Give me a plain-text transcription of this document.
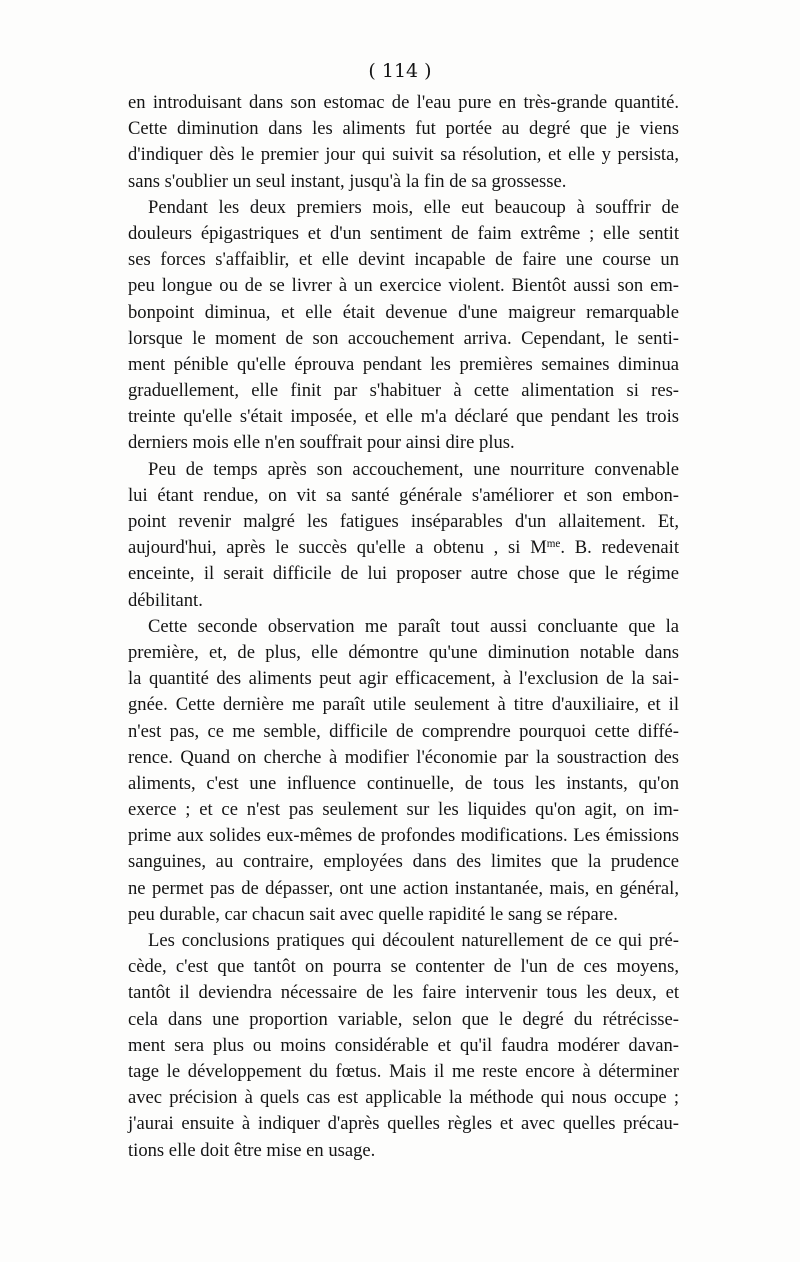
( 114 )
en introduisant dans son estomac de l'eau pure en très-grande quantité.
Cette diminution dans les aliments fut portée au degré que je viens
d'indiquer dès le premier jour qui suivit sa résolution, et elle y persista,
sans s'oublier un seul instant, jusqu'à la fin de sa grossesse.
Pendant les deux premiers mois, elle eut beaucoup à souffrir de
douleurs épigastriques et d'un sentiment de faim extrême ; elle sentit
ses forces s'affaiblir, et elle devint incapable de faire une course un
peu longue ou de se livrer à un exercice violent. Bientôt aussi son em-
bonpoint diminua, et elle était devenue d'une maigreur remarquable
lorsque le moment de son accouchement arriva. Cependant, le senti-
ment pénible qu'elle éprouva pendant les premières semaines diminua
graduellement, elle finit par s'habituer à cette alimentation si res-
treinte qu'elle s'était imposée, et elle m'a déclaré que pendant les trois
derniers mois elle n'en souffrait pour ainsi dire plus.
Peu de temps après son accouchement, une nourriture convenable
lui étant rendue, on vit sa santé générale s'améliorer et son embon-
point revenir malgré les fatigues inséparables d'un allaitement. Et,
aujourd'hui, après le succès qu'elle a obtenu , si $M^{me}$. B. redevenait
enceinte, il serait difficile de lui proposer autre chose que le régime
débilitant.
Cette seconde observation me paraît tout aussi concluante que la
première, et, de plus, elle démontre qu'une diminution notable dans
la quantité des aliments peut agir efficacement, à l'exclusion de la sai-
gnée. Cette dernière me paraît utile seulement à titre d'auxiliaire, et il
n'est pas, ce me semble, difficile de comprendre pourquoi cette diffé-
rence. Quand on cherche à modifier l'économie par la soustraction des
aliments, c'est une influence continuelle, de tous les instants, qu'on
exerce ; et ce n'est pas seulement sur les liquides qu'on agit, on im-
prime aux solides eux-mêmes de profondes modifications. Les émissions
sanguines, au contraire, employées dans des limites que la prudence
ne permet pas de dépasser, ont une action instantanée, mais, en général,
peu durable, car chacun sait avec quelle rapidité le sang se répare.
Les conclusions pratiques qui découlent naturellement de ce qui pré-
cède, c'est que tantôt on pourra se contenter de l'un de ces moyens,
tantôt il deviendra nécessaire de les faire intervenir tous les deux, et
cela dans une proportion variable, selon que le degré du rétrécisse-
ment sera plus ou moins considérable et qu'il faudra modérer davan-
tage le développement du fœtus. Mais il me reste encore à déterminer
avec précision à quels cas est applicable la méthode qui nous occupe ;
j'aurai ensuite à indiquer d'après quelles règles et avec quelles précau-
tions elle doit être mise en usage.
